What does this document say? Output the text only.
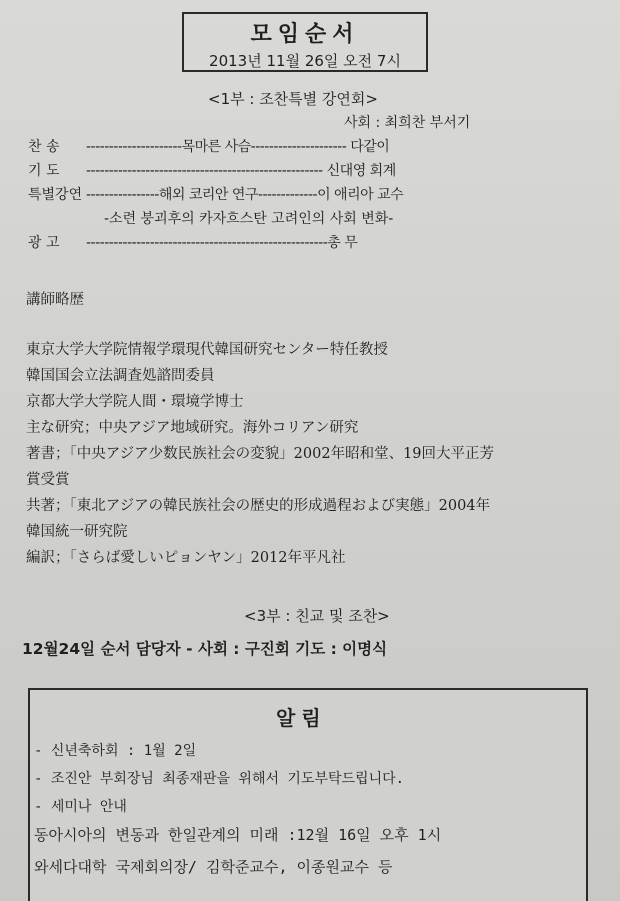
모임순서
2013년 11월 26일 오전 7시
<1부 : 조찬특별 강연회>
사회 : 최희찬 부서기
찬 송 ---------------------목마른 사슴--------------------- 다같이
기 도 ---------------------------------------------------- 신대영 회계
특별강연 ----------------해외 코리안 연구-------------이 애리아 교수
-소련 붕괴후의 카자흐스탄 고려인의 사회 변화-
광 고 -----------------------------------------------------총 무
講師略歴
東京大学大学院情報学環現代韓国研究センター特任教授
韓国国会立法調査処諮問委員
京都大学大学院人間・環境学博士
主な研究；中央アジア地域研究。海外コリアン研究
著書；「中央アジア少数民族社会の変貌」2002年昭和堂、19回大平正芳
賞受賞
共著；「東北アジアの韓民族社会の歴史的形成過程および実態」2004年
韓国統一研究院
編訳；「さらば愛しいピョンヤン」2012年平凡社
<3부 : 친교 및 조찬>
12월24일 순서 담당자 - 사회 : 구진회 기도 : 이명식
알림
- 신년축하회 : 1월 2일
- 조진안 부회장님 최종재판을 위해서 기도부탁드립니다.
- 세미나 안내
동아시아의 변동과 한일관계의 미래 :12월 16일 오후 1시
와세다대학 국제회의장/ 김학준교수, 이종원교수 등
